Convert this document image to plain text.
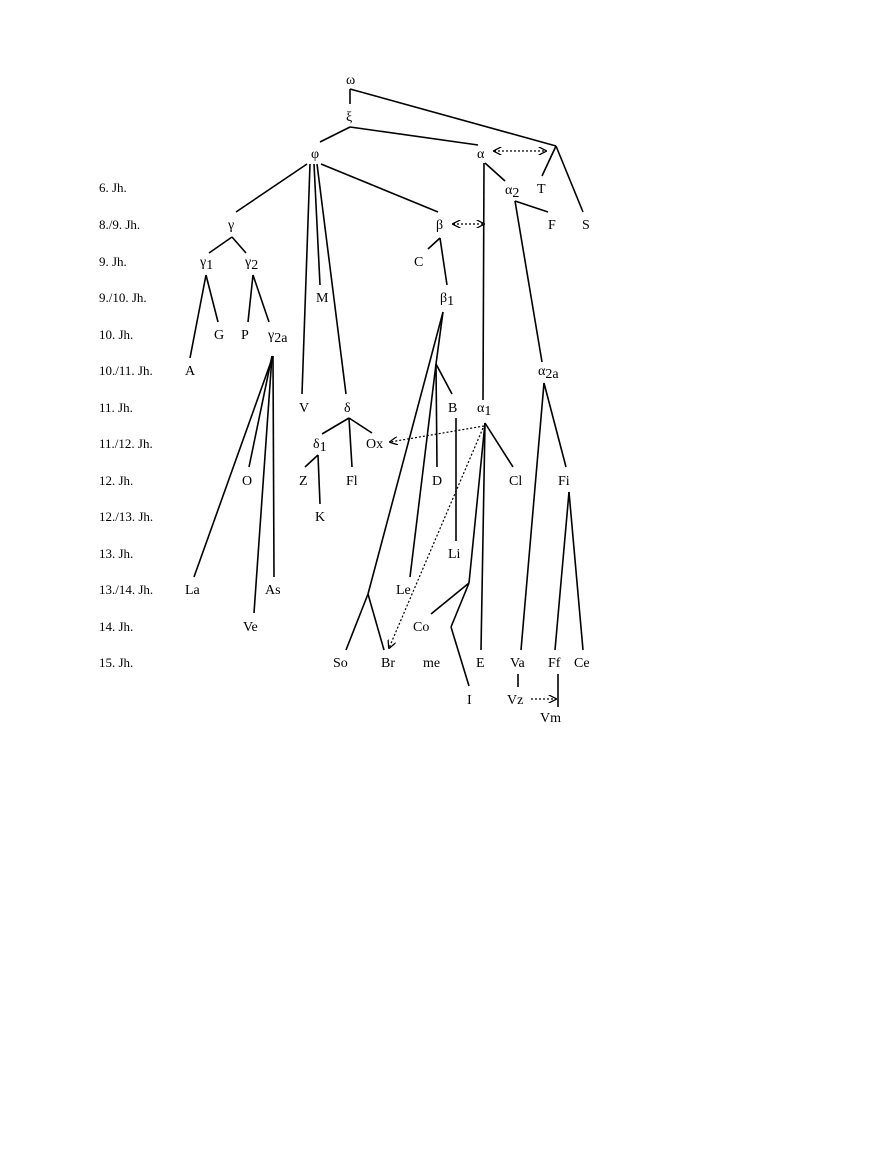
6. Jh.
8./9. Jh.
9. Jh.
9./10. Jh.
10. Jh.
10./11. Jh.
11. Jh.
11./12. Jh.
12. Jh.
12./13. Jh.
13. Jh.
13./14. Jh.
14. Jh.
15. Jh.
ω
ξ
φ	α
α2 T
S
γ	β	F
γ1 γ2	C
M	β1
G P γ2a
A	α2a
V δ	B α1
δ1	Ox
O	Z	Fl	D	Cl	Fi
K
Li
La	As	Le
Ve	Co
So Br me	E Va Ff Ce
I	Vz
Vm
